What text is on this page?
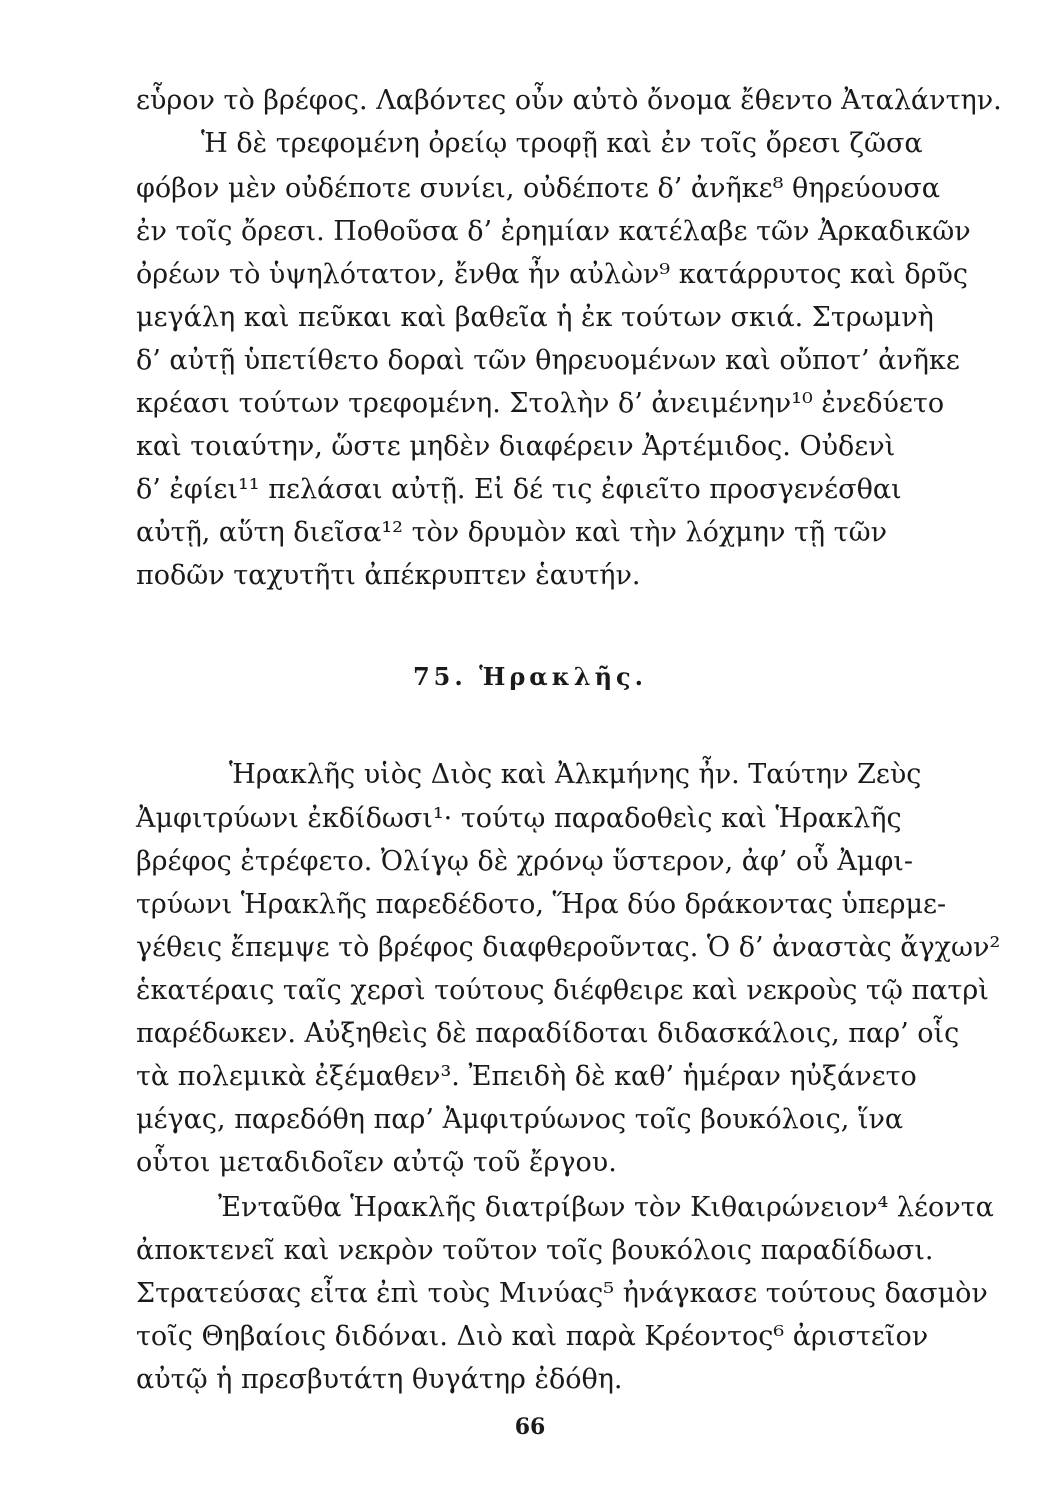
εὗρον τὸ βρέφος. Λαβόντες οὖν αὐτὸ ὄνομα ἔθεντο Ἀταλάντην.
Ἡ δὲ τρεφομένη ὀρείῳ τροφῇ καὶ ἐν τοῖς ὄρεσι ζῶσα
φόβον μὲν οὐδέποτε συνίει, οὐδέποτε δ’ ἀνῆκε⁸ θηρεύουσα
ἐν τοῖς ὄρεσι. Ποθοῦσα δ’ ἐρημίαν κατέλαβε τῶν Ἀρκαδικῶν
ὀρέων τὸ ὑψηλότατον, ἔνθα ἦν αὐλὼν⁹ κατάρρυτος καὶ δρῦς
μεγάλη καὶ πεῦκαι καὶ βαθεῖα ἡ ἐκ τούτων σκιά. Στρωμνὴ
δ’ αὐτῇ ὑπετίθετο δοραὶ τῶν θηρευομένων καὶ οὔποτ’ ἀνῆκε
κρέασι τούτων τρεφομένη. Στολὴν δ’ ἀνειμένην¹⁰ ἐνεδύετο
καὶ τοιαύτην, ὥστε μηδὲν διαφέρειν Ἀρτέμιδος. Οὐδενὶ
δ’ ἐφίει¹¹ πελάσαι αὐτῇ. Εἰ δέ τις ἐφιεῖτο προσγενέσθαι
αὐτῇ, αὕτη διεῖσα¹² τὸν δρυμὸν καὶ τὴν λόχμην τῇ τῶν
ποδῶν ταχυτῆτι ἀπέκρυπτεν ἑαυτήν.
75. Ἡρακλῆς.
Ἡρακλῆς υἱὸς Διὸς καὶ Ἀλκμήνης ἦν. Ταύτην Ζεὺς
Ἀμφιτρύωνι ἐκδίδωσι¹· τούτῳ παραδοθεὶς καὶ Ἡρακλῆς
βρέφος ἐτρέφετο. Ὀλίγῳ δὲ χρόνῳ ὕστερον, ἀφ’ οὗ Ἀμφι-
τρύωνι Ἡρακλῆς παρεδέδοτο, Ἥρα δύο δράκοντας ὑπερμε-
γέθεις ἔπεμψε τὸ βρέφος διαφθεροῦντας. Ὁ δ’ ἀναστὰς ἄγχων²
ἑκατέραις ταῖς χερσὶ τούτους διέφθειρε καὶ νεκροὺς τῷ πατρὶ
παρέδωκεν. Αὐξηθεὶς δὲ παραδίδοται διδασκάλοις, παρ’ οἷς
τὰ πολεμικὰ ἐξέμαθεν³. Ἐπειδὴ δὲ καθ’ ἡμέραν ηὐξάνετο
μέγας, παρεδόθη παρ’ Ἀμφιτρύωνος τοῖς βουκόλοις, ἵνα
οὗτοι μεταδιδοῖεν αὐτῷ τοῦ ἔργου.
Ἐνταῦθα Ἡρακλῆς διατρίβων τὸν Κιθαιρώνειον⁴ λέοντα
ἀποκτενεῖ καὶ νεκρὸν τοῦτον τοῖς βουκόλοις παραδίδωσι.
Στρατεύσας εἶτα ἐπὶ τοὺς Μινύας⁵ ἠνάγκασε τούτους δασμὸν
τοῖς Θηβαίοις διδόναι. Διὸ καὶ παρὰ Κρέοντος⁶ ἀριστεῖον
αὐτῷ ἡ πρεσβυτάτη θυγάτηρ ἐδόθη.
66
